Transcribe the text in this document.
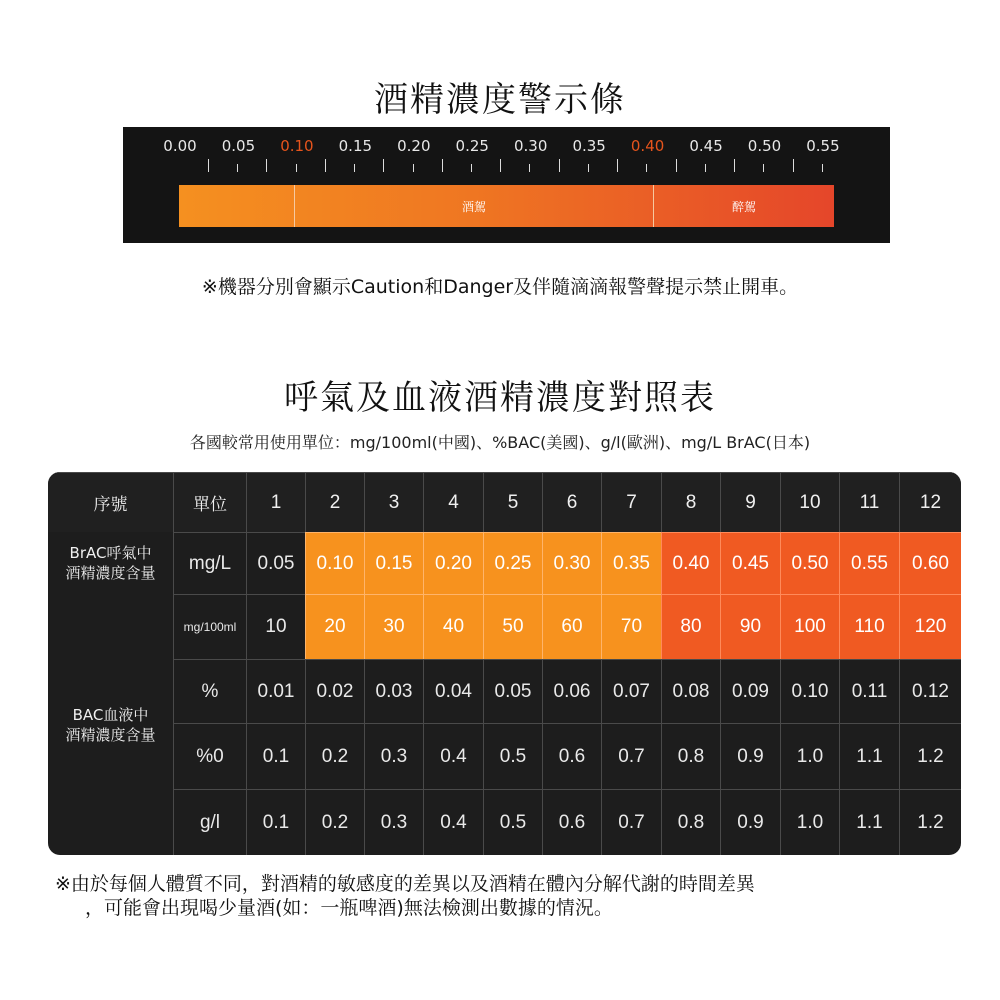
酒精濃度警示條
酒駕	醉駕
※機器分別會顯示Caution和Danger及伴隨滴滴報警聲提示禁止開車。
呼氣及血液酒精濃度對照表
各國較常用使用單位：mg/100ml(中國)、%BAC(美國)、g/l(歐洲)、mg/L BrAC(日本)
BrAC呼氣中
酒精濃度含量
BAC血液中
酒精濃度含量
序號	單位	1	2	3	4	5	6	7	8	9	10	11	12
mg/L	0.05	0.10	0.15	0.20	0.25	0.30	0.35	0.40	0.45	0.50	0.55	0.60
mg/100ml	10	20	30	40	50	60	70	80	90	100	110	120
%	0.01	0.02	0.03	0.04	0.05	0.06	0.07	0.08	0.09	0.10	0.11	0.12
%0	0.1	0.2	0.3	0.4	0.5	0.6	0.7	0.8	0.9	1.0	1.1	1.2
g/l	0.1	0.2	0.3	0.4	0.5	0.6	0.7	0.8	0.9	1.0	1.1	1.2
※由於每個人體質不同，對酒精的敏感度的差異以及酒精在體內分解代謝的時間差異
，可能會出現喝少量酒(如：一瓶啤酒)無法檢測出數據的情況。
0.00 0.05 0.10 0.15 0.20 0.25 0.30 0.35 0.40 0.45 0.50 0.55
